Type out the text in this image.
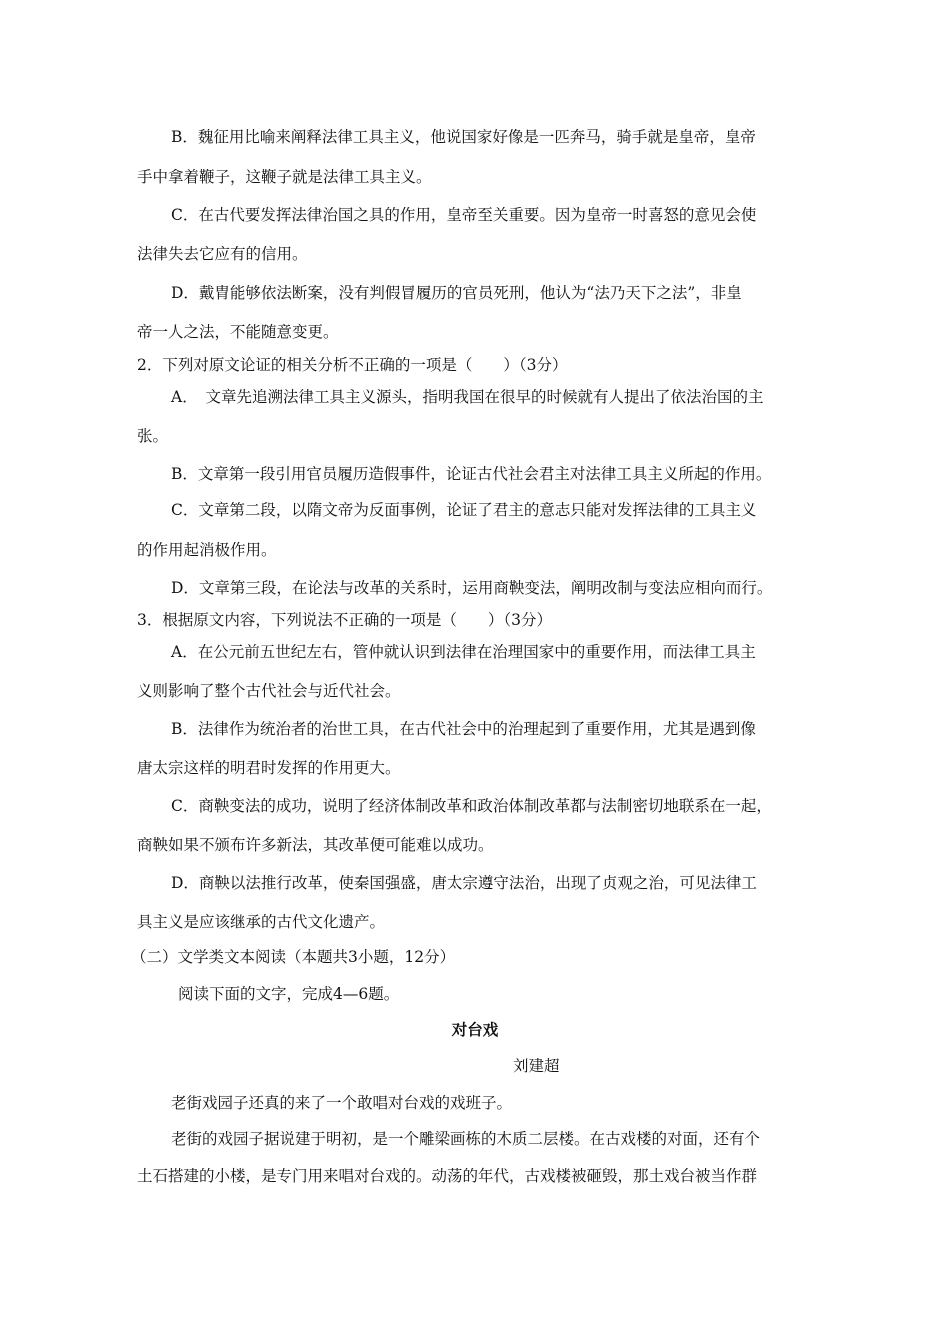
B．魏征用比喻来阐释法律工具主义，他说国家好像是一匹奔马，骑手就是皇帝，皇帝

手中拿着鞭子，这鞭子就是法律工具主义。

C．在古代要发挥法律治国之具的作用，皇帝至关重要。因为皇帝一时喜怒的意见会使

法律失去它应有的信用。

D．戴胄能够依法断案，没有判假冒履历的官员死刑，他认为“法乃天下之法”，非皇

帝一人之法，不能随意变更。

2．下列对原文论证的相关分析不正确的一项是（　　）（3分）

A．　文章先追溯法律工具主义源头，指明我国在很早的时候就有人提出了依法治国的主

张。

B．文章第一段引用官员履历造假事件，论证古代社会君主对法律工具主义所起的作用。

C．文章第二段，以隋文帝为反面事例，论证了君主的意志只能对发挥法律的工具主义

的作用起消极作用。

D．文章第三段，在论法与改革的关系时，运用商鞅变法，阐明改制与变法应相向而行。

3．根据原文内容，下列说法不正确的一项是（　　）（3分）

A．在公元前五世纪左右，管仲就认识到法律在治理国家中的重要作用，而法律工具主

义则影响了整个古代社会与近代社会。

B．法律作为统治者的治世工具，在古代社会中的治理起到了重要作用，尤其是遇到像

唐太宗这样的明君时发挥的作用更大。

C．商鞅变法的成功，说明了经济体制改革和政治体制改革都与法制密切地联系在一起，

商鞅如果不颁布许多新法，其改革便可能难以成功。

D．商鞅以法推行改革，使秦国强盛，唐太宗遵守法治，出现了贞观之治，可见法律工

具主义是应该继承的古代文化遗产。

（二）文学类文本阅读（本题共3小题，12分）

阅读下面的文字，完成4—6题。

对台戏

刘建超

老街戏园子还真的来了一个敢唱对台戏的戏班子。

老街的戏园子据说建于明初，是一个雕梁画栋的木质二层楼。在古戏楼的对面，还有个

土石搭建的小楼，是专门用来唱对台戏的。动荡的年代，古戏楼被砸毁，那土戏台被当作群
